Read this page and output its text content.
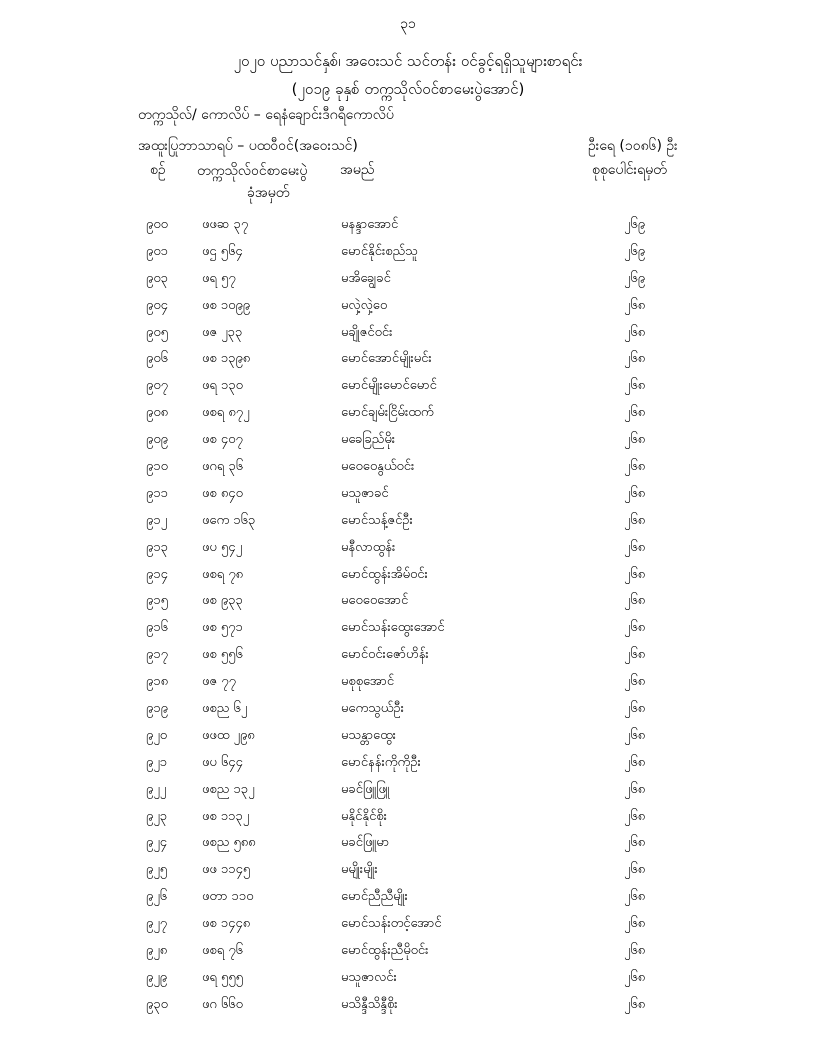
၃၁
၂၀၂၀ ပညာသင်နှစ်၊ အဝေးသင် သင်တန်း ဝင်ခွင့်ရရှိသူများစာရင်း
(၂၀၁၉ ခုနှစ် တက္ကသိုလ်ဝင်စာမေးပွဲအောင်)
တက္ကသိုလ်/ ကောလိပ် – ရေနံချောင်းဒီဂရီကောလိပ်
အထူးပြုဘာသာရပ် – ပထဝီဝင်(အဝေးသင်)	ဦးရေ (၁၀၈၆) ဦး
စဉ် တက္ကသိုလ်ဝင်စာမေးပွဲ
ခုံအမှတ်
အမည်	စုစုပေါင်းရမှတ်
၉၀၀	ဖဖဆ ၃၇	မနန္ဒာအောင်	၂၆၉
၉၀၁	ဖဌ ၅၆၄	မောင်နိုင်းစည်သူ	၂၆၉
၉၀၃	ဖရ ၅၇	မအိချွေခင်	၂၆၉
၉၀၄	ဖစ ၁၀၉၉	မလှဲ့လှဲ့ဝေ	၂၆၈
၉၀၅	ဖဇ ၂၃၃	မချိုဇင်ဝင်း	၂၆၈
၉၀၆	ဖစ ၁၃၉၈	မောင်အောင်မျိုးမင်း	၂၆၈
၉၀၇	ဖရ ၁၃၀	မောင်မျိုးမောင်မောင်	၂၆၈
၉၀၈	ဖစရ ၈၇၂	မောင်ချမ်းငြိမ်းထက်	၂၆၈
၉၀၉	ဖစ ၄၀၇	မခေခြည်မိုး	၂၆၈
၉၁၀	ဖဂရ ၃၆	မဝေဝေနွယ်ဝင်း	၂၆၈
၉၁၁	ဖစ ၈၄၀	မသူဇာခင်	၂၆၈
၉၁၂	ဖကေ ၁၆၃	မောင်သန့်ဇင်ဦး	၂၆၈
၉၁၃	ဖပ ၅၄၂	မနီလာထွန်း	၂၆၈
၉၁၄	ဖစရ ၇၈	မောင်ထွန်းအိမ်ဝင်း	၂၆၈
၉၁၅	ဖစ ၉၃၃	မဝေဝေအောင်	၂၆၈
၉၁၆	ဖစ ၅၇၁	မောင်သန်းထွေးအောင်	၂၆၈
၉၁၇	ဖစ ၅၅၆	မောင်ဝင်းဇော်ဟိန်း	၂၆၈
၉၁၈	ဖဇ ၇၇	မစုစုအောင်	၂၆၈
၉၁၉	ဖစည ၆၂	မကေသွယ်ဦး	၂၆၈
၉၂၀	ဖဖထ ၂၉၈	မသန္တာထွေး	၂၆၈
၉၂၁	ဖပ ၆၄၄	မောင်နန်းကိုကိုဦး	၂၆၈
၉၂၂	ဖစည ၁၃၂	မခင်ဖြူဖြူ	၂၆၈
၉၂၃	ဖစ ၁၁၃၂	မနိုင်နိုင်စိုး	၂၆၈
၉၂၄	ဖစည ၅၈၈	မခင်ဖြူမာ	၂၆၈
၉၂၅	ဖဖ ၁၁၄၅	မမျိုးမျိုး	၂၆၈
၉၂၆	ဖတာ ၁၁၀	မောင်ညီညီမျိုး	၂၆၈
၉၂၇	ဖစ ၁၄၄၈	မောင်သန်းတင့်အောင်	၂၆၈
၉၂၈	ဖစရ ၇၆	မောင်ထွန်းညီမိုဝင်း	၂၆၈
၉၂၉	ဖရ ၅၅၅	မသူဇာလင်း	၂၆၈
၉၃၀	ဖဂ ၆၆၀	မသိန္ဒီသိန္ဒီစိုး	၂၆၈
